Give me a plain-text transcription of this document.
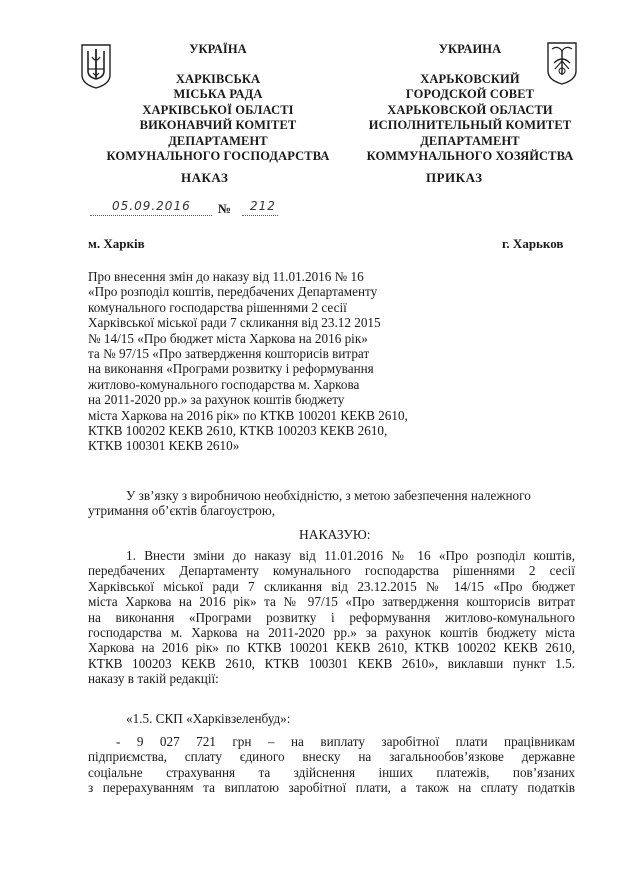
УКРАЇНА
ХАРКІВСЬКА
МІСЬКА РАДА
ХАРКІВСЬКОЇ ОБЛАСТІ
ВИКОНАВЧИЙ КОМІТЕТ
ДЕПАРТАМЕНТ
КОМУНАЛЬНОГО ГОСПОДАРСТВА
УКРАИНА
ХАРЬКОВСКИЙ
ГОРОДСКОЙ СОВЕТ
ХАРЬКОВСКОЙ ОБЛАСТИ
ИСПОЛНИТЕЛЬНЫЙ КОМИТЕТ
ДЕПАРТАМЕНТ
КОММУНАЛЬНОГО ХОЗЯЙСТВА
НАКАЗ	ПРИКАЗ
05.09.2016 № 212
м. Харків	г. Харьков
Про внесення змін до наказу від 11.01.2016 № 16
«Про розподіл коштів, передбачених Департаменту
комунального господарства рішеннями 2 сесії
Харківської міської ради 7 скликання від 23.12 2015
№ 14/15 «Про бюджет міста Харкова на 2016 рік»
та № 97/15 «Про затвердження кошторисів витрат
на виконання «Програми розвитку і реформування
житлово-комунального господарства м. Харкова
на 2011-2020 рр.» за рахунок коштів бюджету
міста Харкова на 2016 рік» по КТКВ 100201 КЕКВ 2610,
КТКВ 100202 КЕКВ 2610, КТКВ 100203 КЕКВ 2610,
КТКВ 100301 КЕКВ 2610»
У зв’язку з виробничою необхідністю, з метою забезпечення належного
утримання об’єктів благоустрою,
НАКАЗУЮ:
1. Внести зміни до наказу від 11.01.2016 № 16 «Про розподіл коштів,
передбачених Департаменту комунального господарства рішеннями 2 сесії
Харківської міської ради 7 скликання від 23.12.2015 № 14/15 «Про бюджет
міста Харкова на 2016 рік» та № 97/15 «Про затвердження кошторисів витрат
на виконання «Програми розвитку і реформування житлово-комунального
господарства м. Харкова на 2011-2020 рр.» за рахунок коштів бюджету міста
Харкова на 2016 рік» по КТКВ 100201 КЕКВ 2610, КТКВ 100202 КЕКВ 2610,
КТКВ 100203 КЕКВ 2610, КТКВ 100301 КЕКВ 2610», виклавши пункт 1.5.
наказу в такій редакції:
«1.5. СКП «Харківзеленбуд»:
- 9 027 721 грн – на виплату заробітної плати працівникам
підприємства, сплату єдиного внеску на загальнообов’язкове державне
соціальне страхування та здійснення інших платежів, пов’язаних
з перерахуванням та виплатою заробітної плати, а також на сплату податків
